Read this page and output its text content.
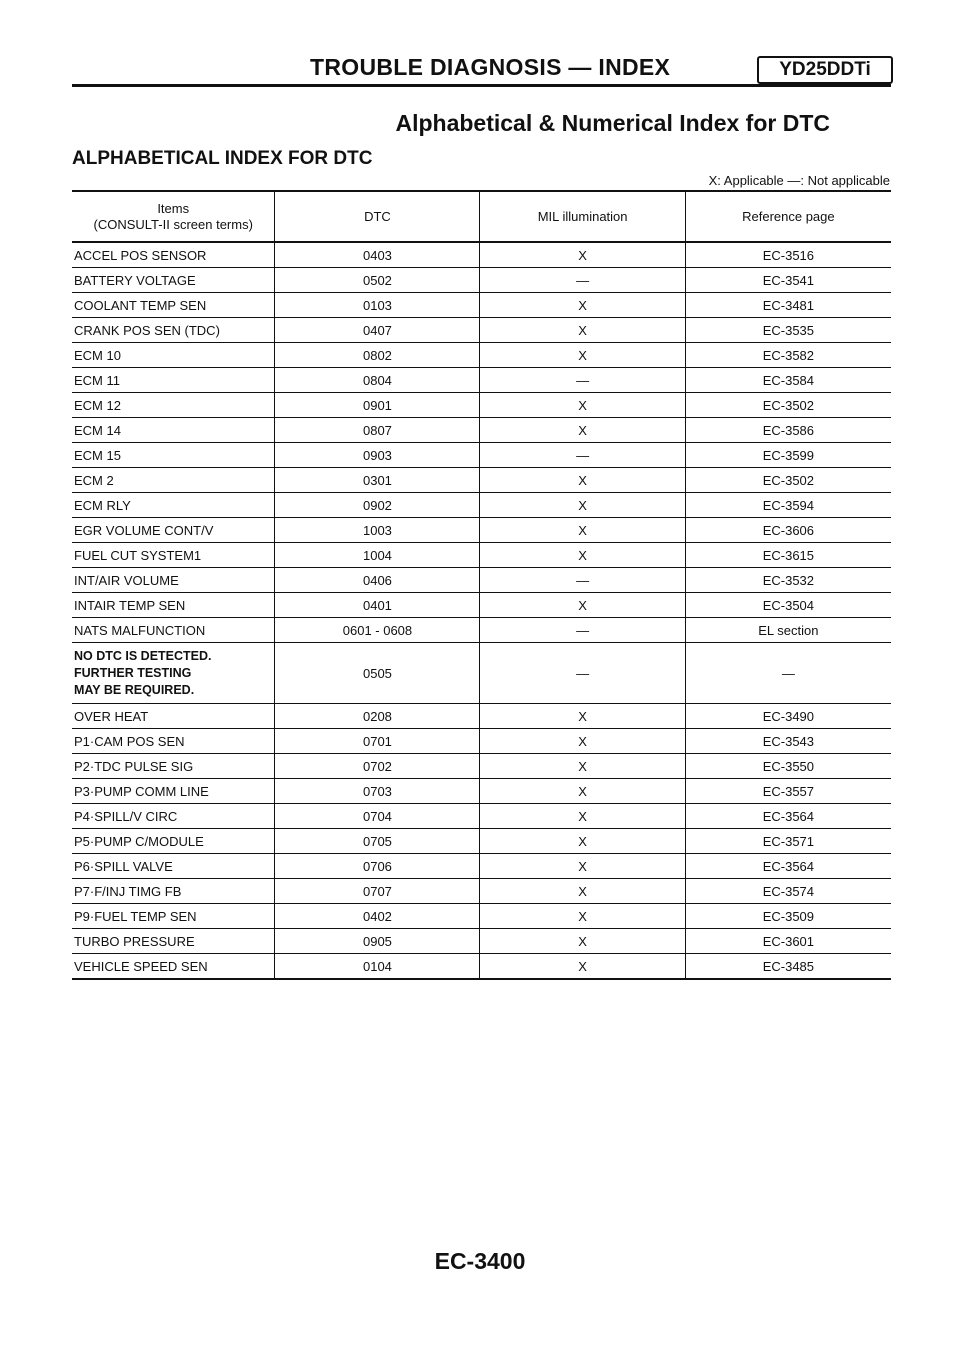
TROUBLE DIAGNOSIS — INDEX	YD25DDTi
Alphabetical & Numerical Index for DTC
ALPHABETICAL INDEX FOR DTC
X: Applicable —: Not applicable
Items
(CONSULT-II screen terms)	DTC	MIL illumination	Reference page
ACCEL POS SENSOR	0403	X	EC-3516
BATTERY VOLTAGE	0502	—	EC-3541
COOLANT TEMP SEN	0103	X	EC-3481
CRANK POS SEN (TDC)	0407	X	EC-3535
ECM 10	0802	X	EC-3582
ECM 11	0804	—	EC-3584
ECM 12	0901	X	EC-3502
ECM 14	0807	X	EC-3586
ECM 15	0903	—	EC-3599
ECM 2	0301	X	EC-3502
ECM RLY	0902	X	EC-3594
EGR VOLUME CONT/V	1003	X	EC-3606
FUEL CUT SYSTEM1	1004	X	EC-3615
INT/AIR VOLUME	0406	—	EC-3532
INTAIR TEMP SEN	0401	X	EC-3504
NATS MALFUNCTION	0601 - 0608	—	EL section
NO DTC IS DETECTED.
FURTHER TESTING
MAY BE REQUIRED.	0505	—	—
OVER HEAT	0208	X	EC-3490
P1·CAM POS SEN	0701	X	EC-3543
P2·TDC PULSE SIG	0702	X	EC-3550
P3·PUMP COMM LINE	0703	X	EC-3557
P4·SPILL/V CIRC	0704	X	EC-3564
P5·PUMP C/MODULE	0705	X	EC-3571
P6·SPILL VALVE	0706	X	EC-3564
P7·F/INJ TIMG FB	0707	X	EC-3574
P9·FUEL TEMP SEN	0402	X	EC-3509
TURBO PRESSURE	0905	X	EC-3601
VEHICLE SPEED SEN	0104	X	EC-3485
EC-3400
